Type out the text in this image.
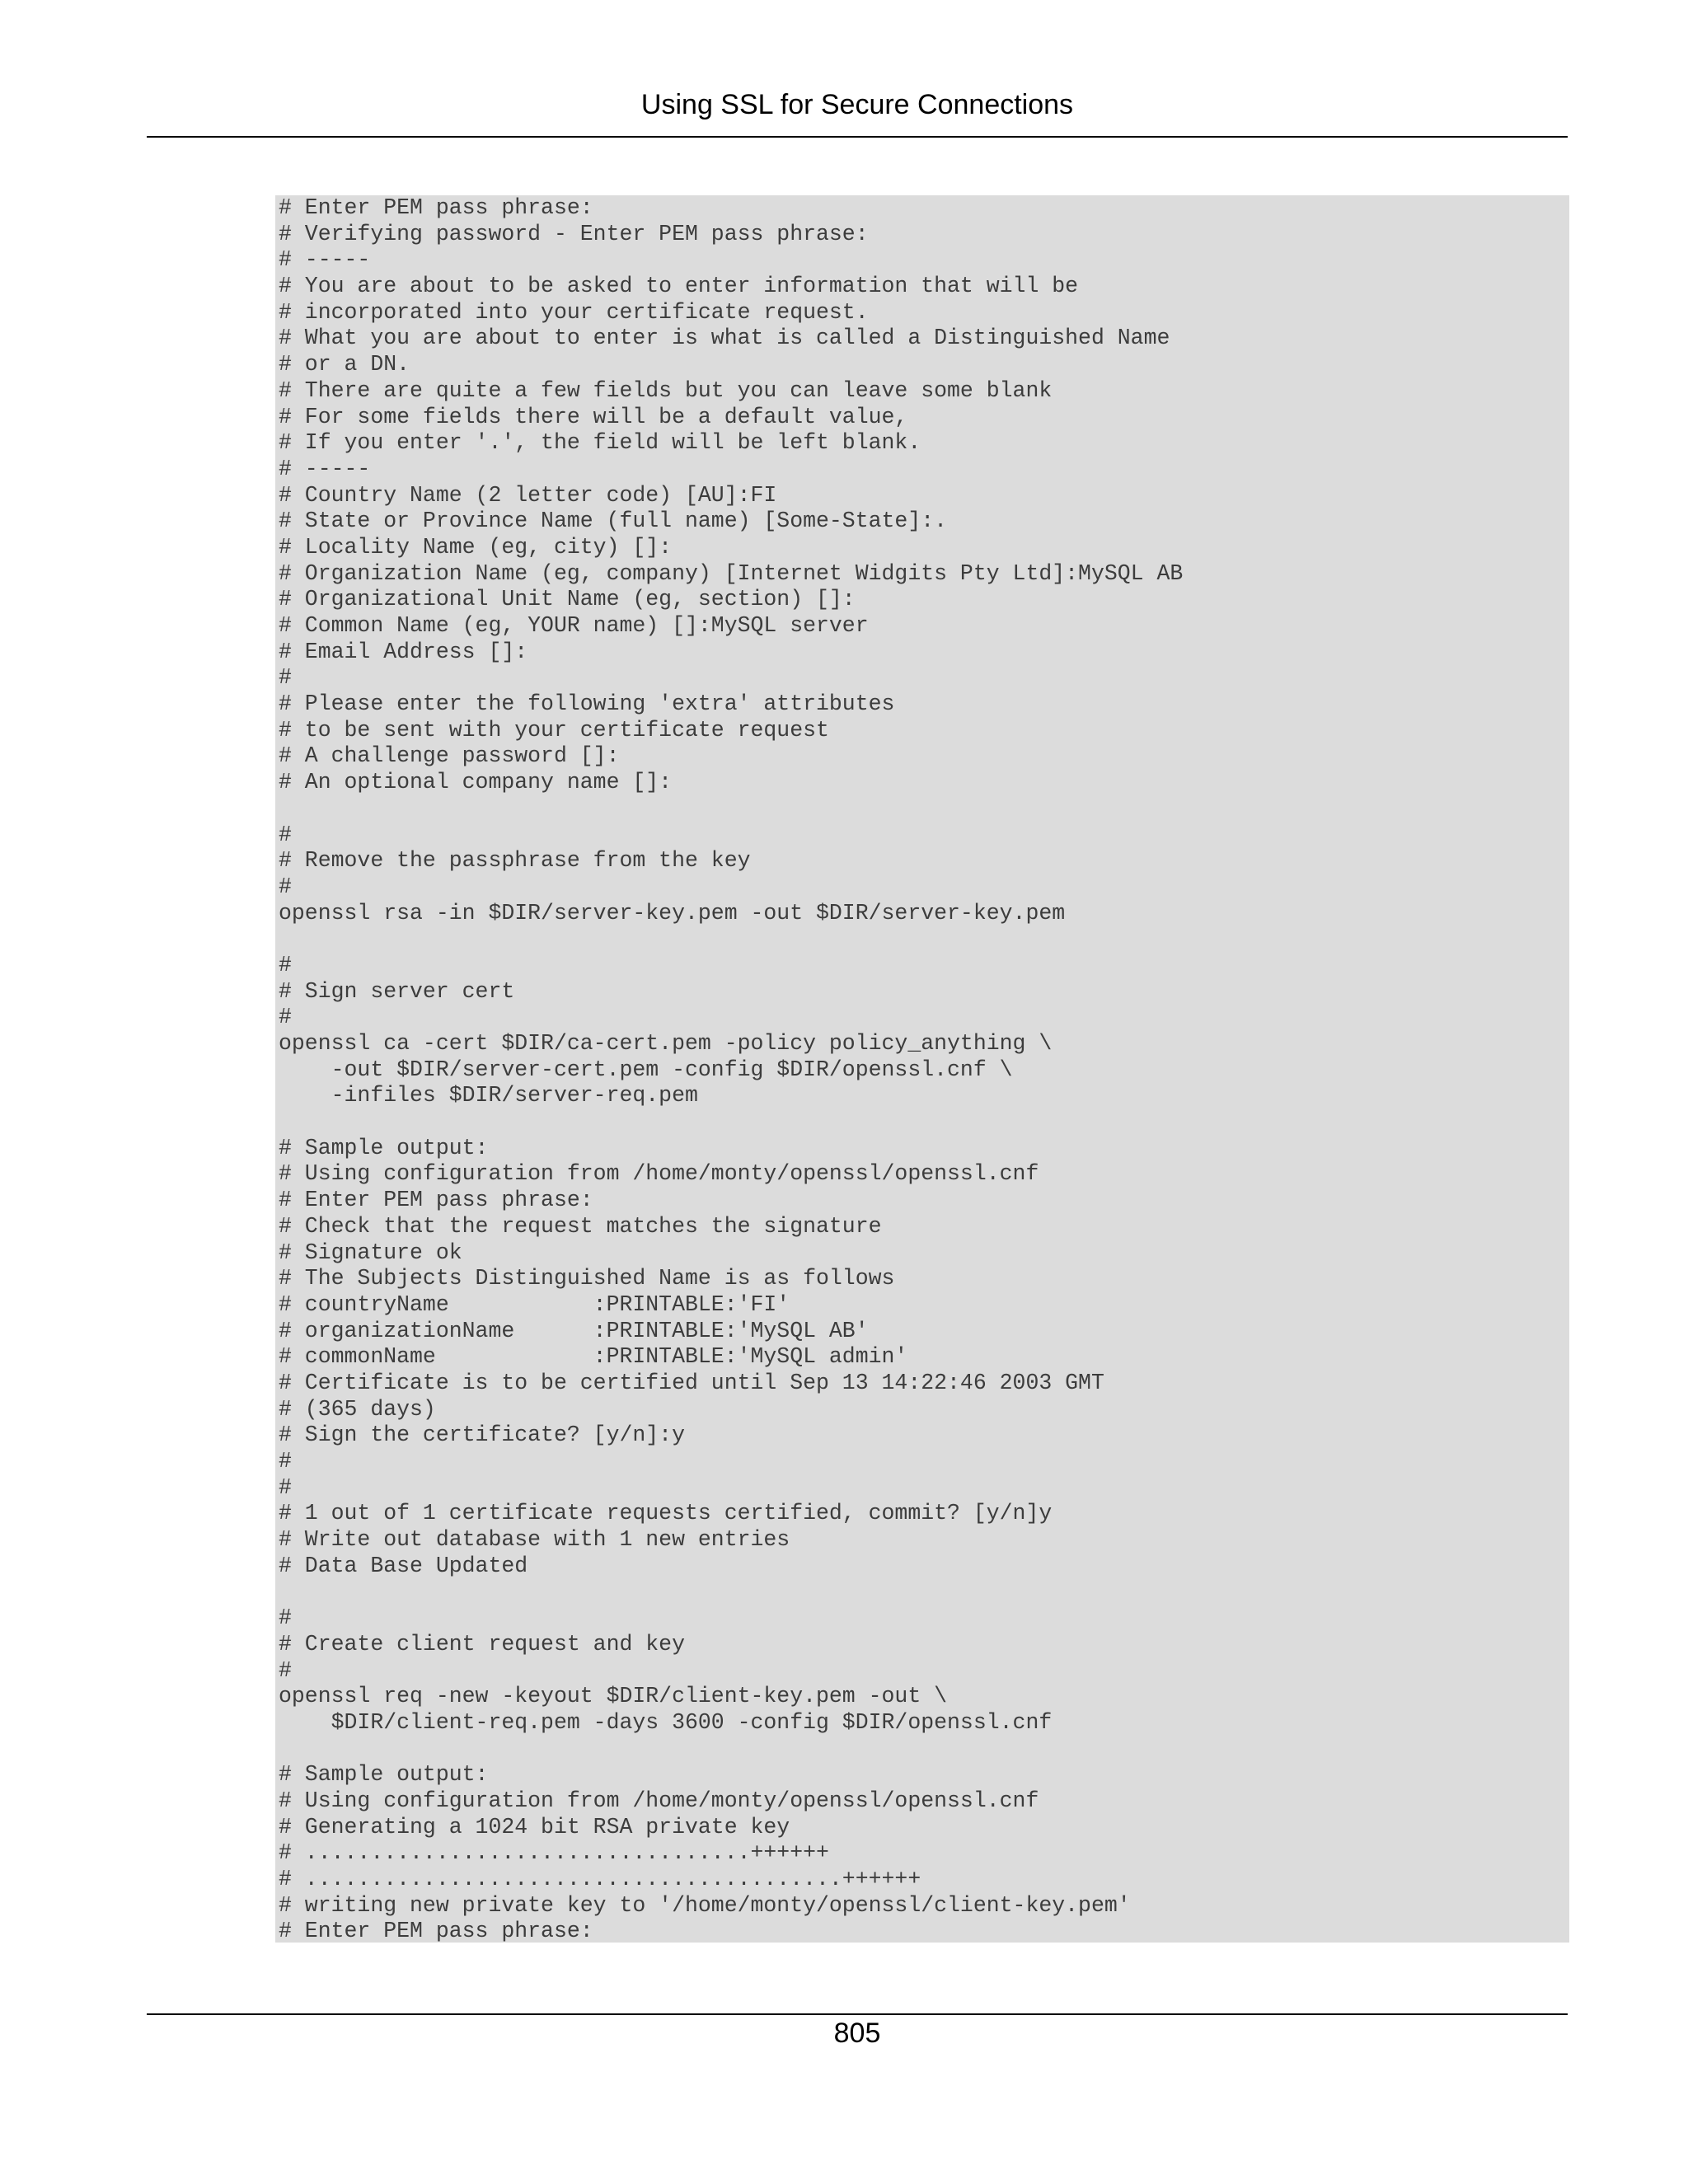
Using SSL for Secure Connections
# Enter PEM pass phrase:
# Verifying password - Enter PEM pass phrase:
# -----
# You are about to be asked to enter information that will be
# incorporated into your certificate request.
# What you are about to enter is what is called a Distinguished Name
# or a DN.
# There are quite a few fields but you can leave some blank
# For some fields there will be a default value,
# If you enter '.', the field will be left blank.
# -----
# Country Name (2 letter code) [AU]:FI
# State or Province Name (full name) [Some-State]:.
# Locality Name (eg, city) []:
# Organization Name (eg, company) [Internet Widgits Pty Ltd]:MySQL AB
# Organizational Unit Name (eg, section) []:
# Common Name (eg, YOUR name) []:MySQL server
# Email Address []:
#
# Please enter the following 'extra' attributes
# to be sent with your certificate request
# A challenge password []:
# An optional company name []:
#
# Remove the passphrase from the key
#
openssl rsa -in $DIR/server-key.pem -out $DIR/server-key.pem
#
# Sign server cert
#
openssl ca -cert $DIR/ca-cert.pem -policy policy_anything \
-out $DIR/server-cert.pem -config $DIR/openssl.cnf \
-infiles $DIR/server-req.pem
# Sample output:
# Using configuration from /home/monty/openssl/openssl.cnf
# Enter PEM pass phrase:
# Check that the request matches the signature
# Signature ok
# The Subjects Distinguished Name is as follows
# countryName           :PRINTABLE:'FI'
# organizationName      :PRINTABLE:'MySQL AB'
# commonName            :PRINTABLE:'MySQL admin'
# Certificate is to be certified until Sep 13 14:22:46 2003 GMT
# (365 days)
# Sign the certificate? [y/n]:y
#
#
# 1 out of 1 certificate requests certified, commit? [y/n]y
# Write out database with 1 new entries
# Data Base Updated
#
# Create client request and key
#
openssl req -new -keyout $DIR/client-key.pem -out \
$DIR/client-req.pem -days 3600 -config $DIR/openssl.cnf
# Sample output:
# Using configuration from /home/monty/openssl/openssl.cnf
# Generating a 1024 bit RSA private key
# ..................................++++++
# .........................................++++++
# writing new private key to '/home/monty/openssl/client-key.pem'
# Enter PEM pass phrase:
805
